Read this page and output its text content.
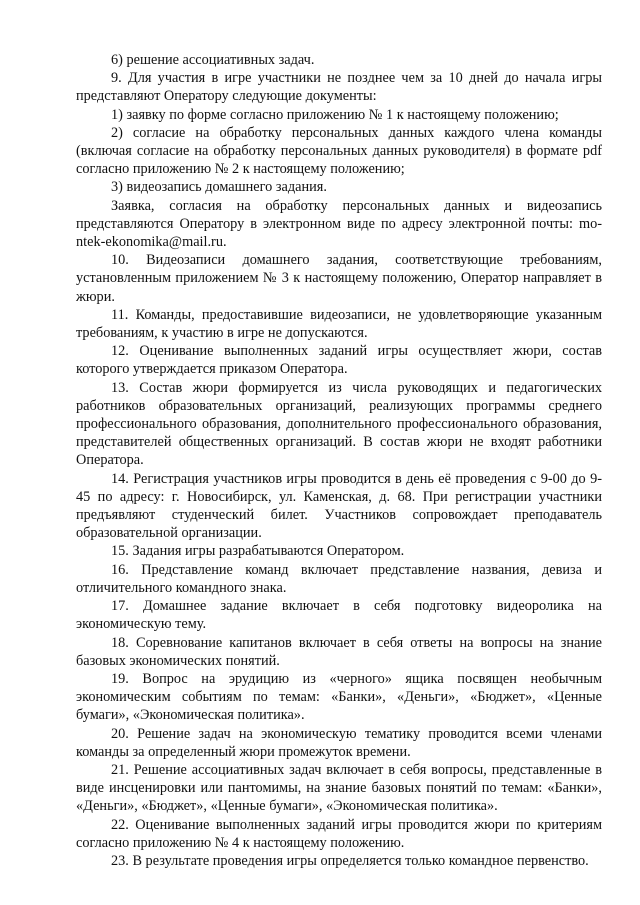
6) решение ассоциативных задач.

9. Для участия в игре участники не позднее чем за 10 дней до начала игры представляют Оператору следующие документы:

1) заявку по форме согласно приложению № 1 к настоящему положению;

2) согласие на обработку персональных данных каждого члена команды (включая согласие на обработку персональных данных руководителя) в формате pdf согласно приложению № 2 к настоящему положению;

3) видеозапись домашнего задания.

Заявка, согласия на обработку персональных данных и видеозапись представляются Оператору в электронном виде по адресу электронной почты: mo-ntek-ekonomika@mail.ru.

10. Видеозаписи домашнего задания, соответствующие требованиям, установленным приложением № 3 к настоящему положению, Оператор направляет в жюри.

11. Команды, предоставившие видеозаписи, не удовлетворяющие указанным требованиям, к участию в игре не допускаются.

12. Оценивание выполненных заданий игры осуществляет жюри, состав которого утверждается приказом Оператора.

13. Состав жюри формируется из числа руководящих и педагогических работников образовательных организаций, реализующих программы среднего профессионального образования, дополнительного профессионального образования, представителей общественных организаций. В состав жюри не входят работники Оператора.

14. Регистрация участников игры проводится в день её проведения с 9-00 до 9-45 по адресу: г. Новосибирск, ул. Каменская, д. 68. При регистрации участники предъявляют студенческий билет. Участников сопровождает преподаватель образовательной организации.

15. Задания игры разрабатываются Оператором.

16. Представление команд включает представление названия, девиза и отличительного командного знака.

17. Домашнее задание включает в себя подготовку видеоролика на экономическую тему.

18. Соревнование капитанов включает в себя ответы на вопросы на знание базовых экономических понятий.

19. Вопрос на эрудицию из «черного» ящика посвящен необычным экономическим событиям по темам: «Банки», «Деньги», «Бюджет», «Ценные бумаги», «Экономическая политика».

20. Решение задач на экономическую тематику проводится всеми членами команды за определенный жюри промежуток времени.

21. Решение ассоциативных задач включает в себя вопросы, представленные в виде инсценировки или пантомимы, на знание базовых понятий по темам: «Банки», «Деньги», «Бюджет», «Ценные бумаги», «Экономическая политика».

22. Оценивание выполненных заданий игры проводится жюри по критериям согласно приложению № 4 к настоящему положению.

23. В результате проведения игры определяется только командное первенство.
